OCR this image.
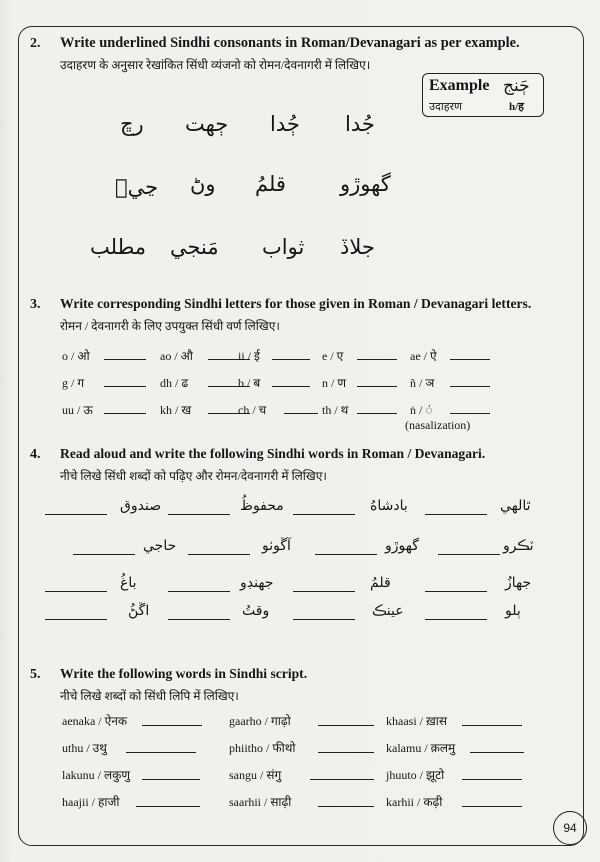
2. Write underlined Sindhi consonants in Roman/Devanagari as per example.
उदाहरण के अनुसार रेखांकित सिंधी व्यंजनो को रोमन/देवनागरी में लिखिए।
Example ڄَنج
उदाहरण	h/ह
رڇ ڄهت ڄُدا جُدا
ڃيٖ وڻ قلمُ	گهوڙو
مطلب مَنجي ثواب جلاڏ
3. Write corresponding Sindhi letters for those given in Roman / Devanagari letters.
रोमन / देवनागरी के लिए उपयुक्त सिंधी वर्ण लिखिए।
o / ओ	ao / औ	ii / ई	e / ए	ae / ऐ
g / ग	dh / ढ	b / ब	n / ण	ñ / ञ
uu / ऊ	kh / ख	ch / च	th / थ	ṅ / ं
(nasalization)
4. Read aloud and write the following Sindhi words in Roman / Devanagari.
नीचे लिखे सिंधी शब्दों को पढ़िए और रोमन/देवनागरी में लिखिए।
صندوق	محفوظُ	بادشاهُ	ٿالهي
حاجي	آڱوٺو	گهوڙو	ٽڪرو
باغُ	جهنڊو	قلمُ	جهازُ
اڱڻُ	وقتُ	عينڪ	ٻلو
5. Write the following words in Sindhi script.
नीचे लिखे शब्दों को सिंधी लिपि में लिखिए।
aenaka / ऐनक	gaarho / गाढ़ो	khaasi / ख़ास
uthu / उथु	phiitho / फीथो	kalamu / क़लमु
lakunu / लकुणु	sangu / संगु	jhuuto / झूटो
haajii / हाजी	saarhii / साढ़ी	karhii / कढ़ी
94
